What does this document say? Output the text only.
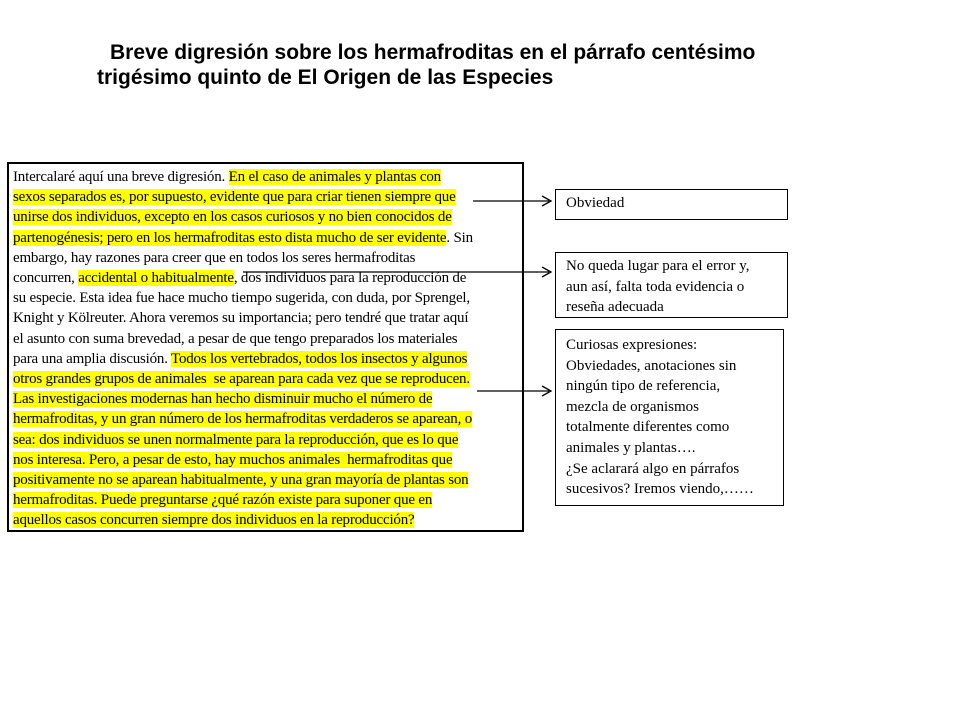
Breve digresión sobre los hermafroditas en el párrafo centésimo
trigésimo quinto de El Origen de las Especies
Intercalaré aquí una breve digresión. En el caso de animales y plantas con
sexos separados es, por supuesto, evidente que para criar tienen siempre que
unirse dos individuos, excepto en los casos curiosos y no bien conocidos de
partenogénesis; pero en los hermafroditas esto dista mucho de ser evidente. Sin
embargo, hay razones para creer que en todos los seres hermafroditas
concurren, accidental o habitualmente, dos individuos para la reproducción de
su especie. Esta idea fue hace mucho tiempo sugerida, con duda, por Sprengel,
Knight y Kölreuter. Ahora veremos su importancia; pero tendré que tratar aquí
el asunto con suma brevedad, a pesar de que tengo preparados los materiales
para una amplia discusión. Todos los vertebrados, todos los insectos y algunos
otros grandes grupos de animales  se aparean para cada vez que se reproducen.
Las investigaciones modernas han hecho disminuir mucho el número de
hermafroditas, y un gran número de los hermafroditas verdaderos se aparean, o
sea: dos individuos se unen normalmente para la reproducción, que es lo que
nos interesa. Pero, a pesar de esto, hay muchos animales  hermafroditas que
positivamente no se aparean habitualmente, y una gran mayoría de plantas son
hermafroditas. Puede preguntarse ¿qué razón existe para suponer que en
aquellos casos concurren siempre dos individuos en la reproducción?
Obviedad
No queda lugar para el error y,
aun así, falta toda evidencia o
reseña adecuada
Curiosas expresiones:
Obviedades, anotaciones sin
ningún tipo de referencia,
mezcla de organismos
totalmente diferentes como
animales y plantas….
¿Se aclarará algo en párrafos
sucesivos? Iremos viendo,……
